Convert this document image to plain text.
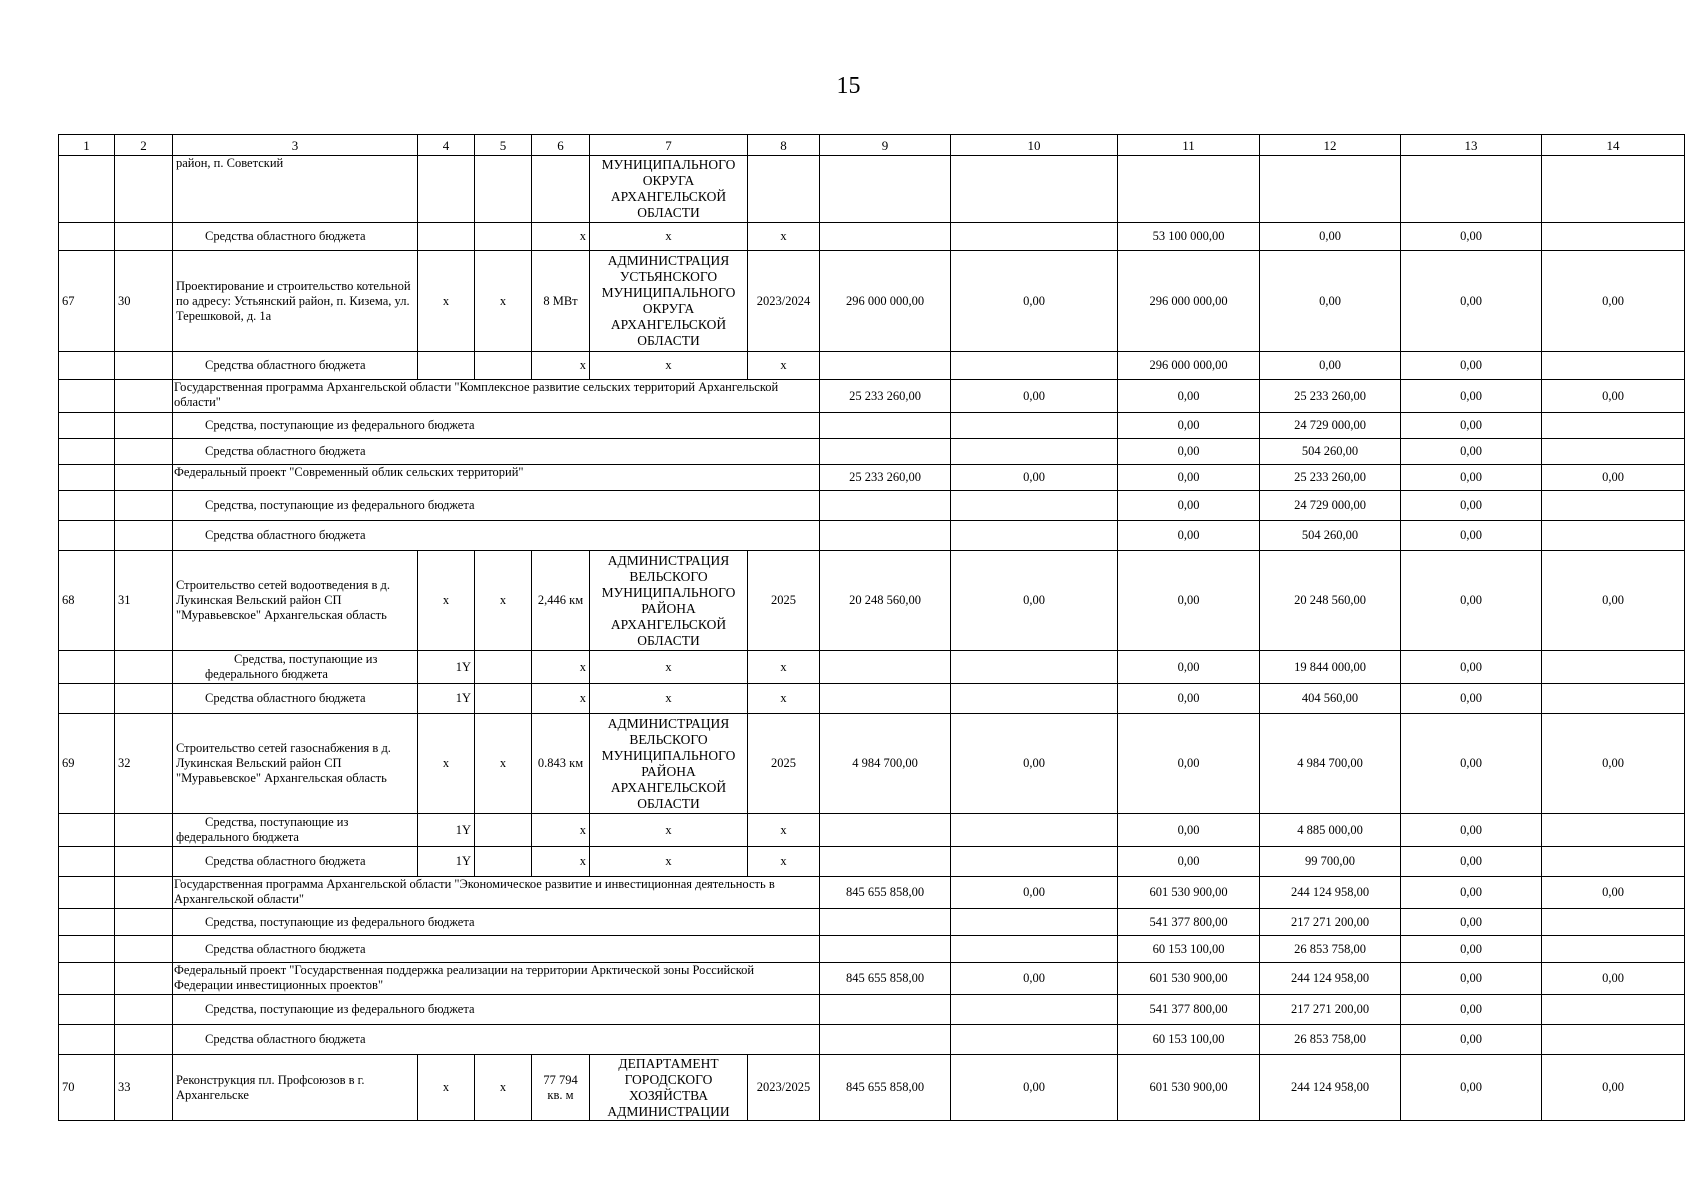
15
1	2	3	4	5	6	7	8	9	10	11	12	13	14
		район, п. Советский				МУНИЦИПАЛЬНОГО ОКРУГА АРХАНГЕЛЬСКОЙ ОБЛАСТИ							
		Средства областного бюджета			x	x	x			53 100 000,00	0,00	0,00	
67	30	Проектирование и строительство котельной по адресу: Устьянский район, п. Кизема, ул. Терешковой, д. 1а	x	x	8 МВт	АДМИНИСТРАЦИЯ УСТЬЯНСКОГО МУНИЦИПАЛЬНОГО ОКРУГА АРХАНГЕЛЬСКОЙ ОБЛАСТИ	2023/2024	296 000 000,00	0,00	296 000 000,00	0,00	0,00	0,00
		Средства областного бюджета			x	x	x			296 000 000,00	0,00	0,00	
		Государственная программа Архангельской области "Комплексное развитие сельских территорий Архангельской области"						25 233 260,00	0,00	0,00	25 233 260,00	0,00	0,00
		Средства, поступающие из федерального бюджета								0,00	24 729 000,00	0,00	
		Средства областного бюджета								0,00	504 260,00	0,00	
		Федеральный проект "Современный облик сельских территорий"						25 233 260,00	0,00	0,00	25 233 260,00	0,00	0,00
		Средства, поступающие из федерального бюджета								0,00	24 729 000,00	0,00	
		Средства областного бюджета								0,00	504 260,00	0,00	
68	31	Строительство сетей водоотведения в д. Лукинская Вельский район СП "Муравьевское" Архангельская область	x	x	2,446 км	АДМИНИСТРАЦИЯ ВЕЛЬСКОГО МУНИЦИПАЛЬНОГО РАЙОНА АРХАНГЕЛЬСКОЙ ОБЛАСТИ	2025	20 248 560,00	0,00	0,00	20 248 560,00	0,00	0,00
		Средства, поступающие из федерального бюджета	1Y		x	x	x			0,00	19 844 000,00	0,00	
		Средства областного бюджета	1Y		x	x	x			0,00	404 560,00	0,00	
69	32	Строительство сетей газоснабжения в д. Лукинская Вельский район СП "Муравьевское" Архангельская область	x	x	0.843 км	АДМИНИСТРАЦИЯ ВЕЛЬСКОГО МУНИЦИПАЛЬНОГО РАЙОНА АРХАНГЕЛЬСКОЙ ОБЛАСТИ	2025	4 984 700,00	0,00	0,00	4 984 700,00	0,00	0,00
		Средства, поступающие из федерального бюджета	1Y		x	x	x			0,00	4 885 000,00	0,00	
		Средства областного бюджета	1Y		x	x	x			0,00	99 700,00	0,00	
		Государственная программа Архангельской области "Экономическое развитие и инвестиционная деятельность в Архангельской области"						845 655 858,00	0,00	601 530 900,00	244 124 958,00	0,00	0,00
		Средства, поступающие из федерального бюджета								541 377 800,00	217 271 200,00	0,00	
		Средства областного бюджета								60 153 100,00	26 853 758,00	0,00	
		Федеральный проект "Государственная поддержка реализации на территории Арктической зоны Российской Федерации инвестиционных проектов"						845 655 858,00	0,00	601 530 900,00	244 124 958,00	0,00	0,00
		Средства, поступающие из федерального бюджета								541 377 800,00	217 271 200,00	0,00	
		Средства областного бюджета								60 153 100,00	26 853 758,00	0,00	
70	33	Реконструкция пл. Профсоюзов в г. Архангельске	x	x	77 794 кв. м	ДЕПАРТАМЕНТ ГОРОДСКОГО ХОЗЯЙСТВА АДМИНИСТРАЦИИ	2023/2025	845 655 858,00	0,00	601 530 900,00	244 124 958,00	0,00	0,00
